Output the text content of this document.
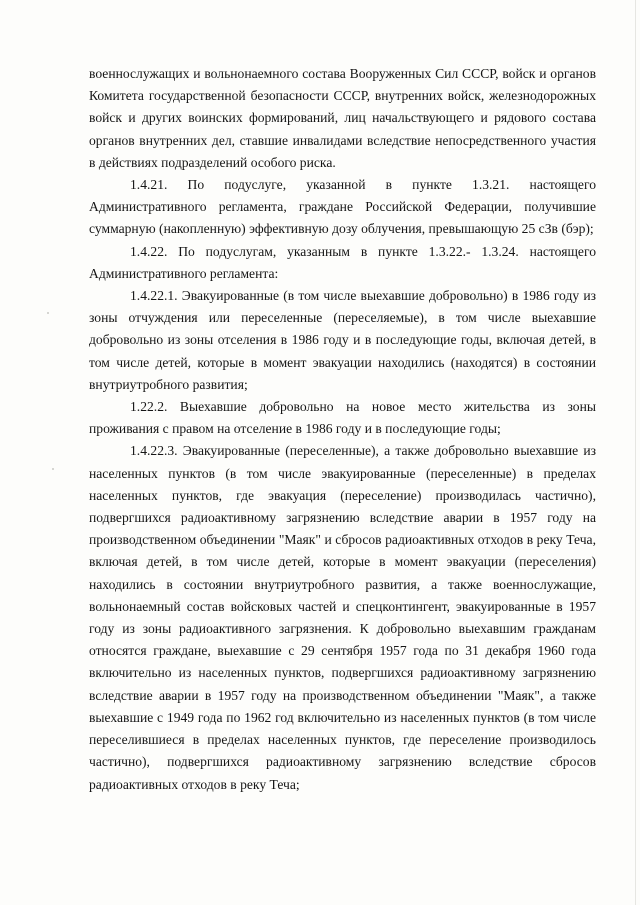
военнослужащих и вольнонаемного состава Вооруженных Сил СССР, войск и органов Комитета государственной безопасности СССР, внутренних войск, железнодорожных войск и других воинских формирований, лиц начальствующего и рядового состава органов внутренних дел, ставшие инвалидами вследствие непосредственного участия в действиях подразделений особого риска.

1.4.21. По подуслуге, указанной в пункте 1.3.21. настоящего Административного регламента, граждане Российской Федерации, получившие суммарную (накопленную) эффективную дозу облучения, превышающую 25 сЗв (бэр);

1.4.22. По подуслугам, указанным в пункте 1.3.22.- 1.3.24. настоящего Административного регламента:

1.4.22.1. Эвакуированные (в том числе выехавшие добровольно) в 1986 году из зоны отчуждения или переселенные (переселяемые), в том числе выехавшие добровольно из зоны отселения в 1986 году и в последующие годы, включая детей, в том числе детей, которые в момент эвакуации находились (находятся) в состоянии внутриутробного развития;

1.22.2. Выехавшие добровольно на новое место жительства из зоны проживания с правом на отселение в 1986 году и в последующие годы;

1.4.22.3. Эвакуированные (переселенные), а также добровольно выехавшие из населенных пунктов (в том числе эвакуированные (переселенные) в пределах населенных пунктов, где эвакуация (переселение) производилась частично), подвергшихся радиоактивному загрязнению вследствие аварии в 1957 году на производственном объединении "Маяк" и сбросов радиоактивных отходов в реку Теча, включая детей, в том числе детей, которые в момент эвакуации (переселения) находились в состоянии внутриутробного развития, а также военнослужащие, вольнонаемный состав войсковых частей и спецконтингент, эвакуированные в 1957 году из зоны радиоактивного загрязнения. К добровольно выехавшим гражданам относятся граждане, выехавшие с 29 сентября 1957 года по 31 декабря 1960 года включительно из населенных пунктов, подвергшихся радиоактивному загрязнению вследствие аварии в 1957 году на производственном объединении "Маяк", а также выехавшие с 1949 года по 1962 год включительно из населенных пунктов (в том числе переселившиеся в пределах населенных пунктов, где переселение производилось частично), подвергшихся радиоактивному загрязнению вследствие сбросов радиоактивных отходов в реку Теча;
